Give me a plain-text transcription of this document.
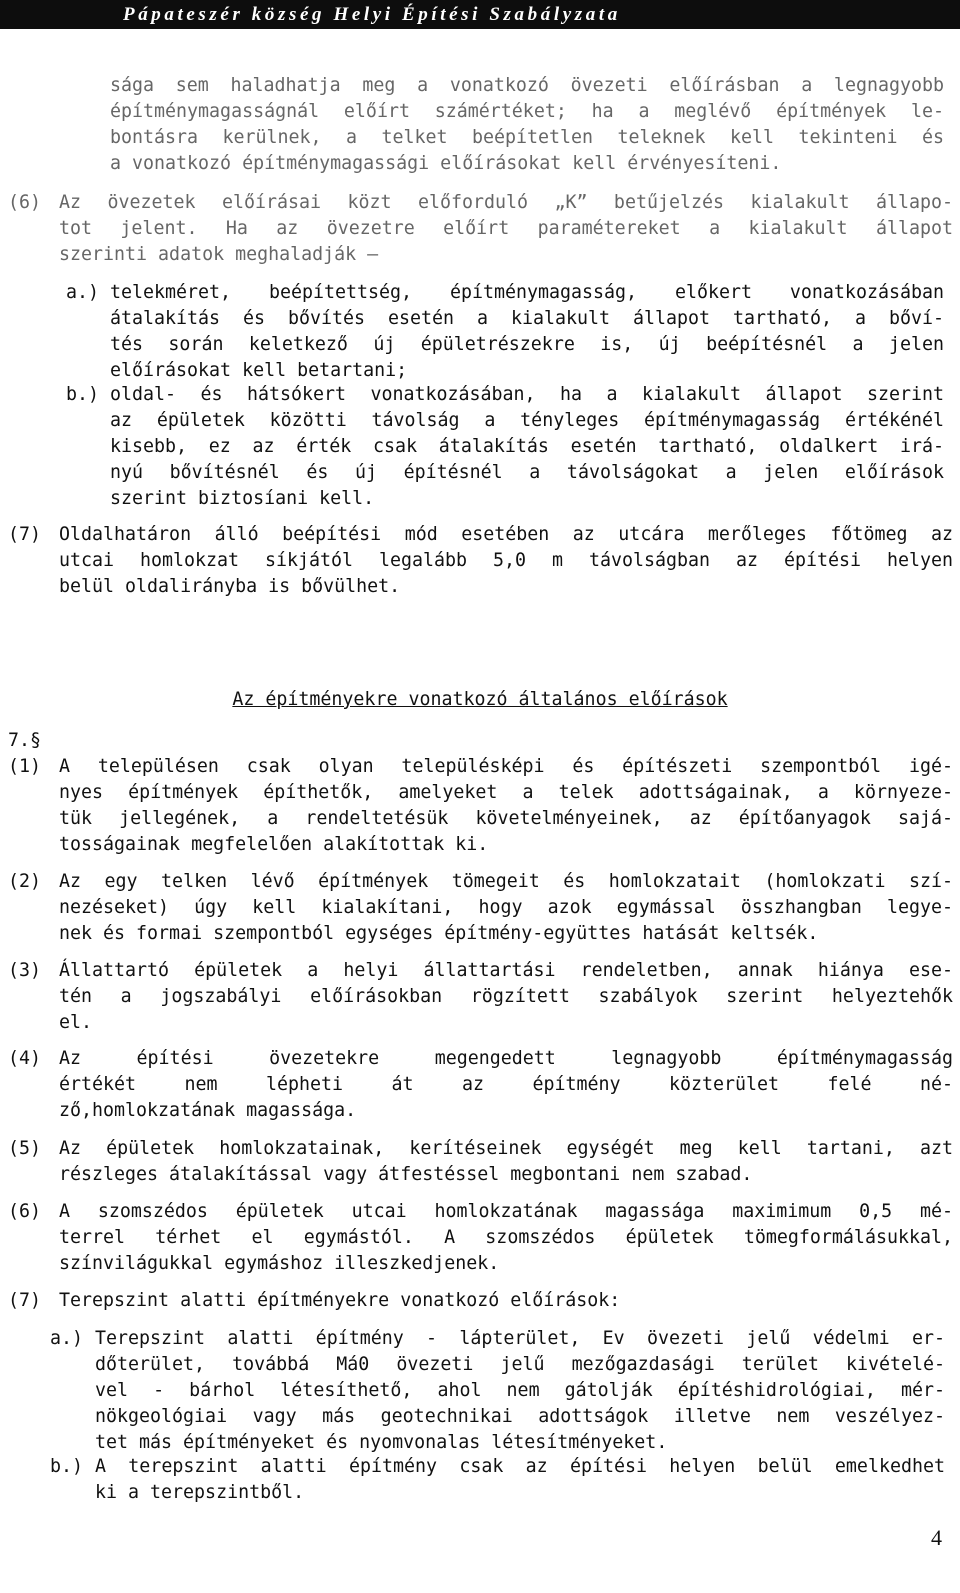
Pápateszér község Helyi Építési Szabályzata
sága sem haladhatja meg a vonatkozó övezeti előírásban a legnagyobb
építménymagasságnál előírt számértéket; ha a meglévő építmények le-
bontásra kerülnek, a telket beépítetlen teleknek kell tekinteni és
a vonatkozó építménymagassági előírásokat kell érvényesíteni.
(6) Az övezetek előírásai közt előforduló „K” betűjelzés kialakult állapo-
tot jelent. Ha az övezetre előírt paramétereket a kialakult állapot
szerinti adatok meghaladják –
a.) telekméret, beépítettség, építménymagasság, előkert vonatkozásában
átalakítás és bővítés esetén a kialakult állapot tartható, a bőví-
tés során keletkező új épületrészekre is, új beépítésnél a jelen
előírásokat kell betartani;
b.) oldal- és hátsókert vonatkozásában, ha a kialakult állapot szerint
az épületek közötti távolság a tényleges építménymagasság értékénél
kisebb, ez az érték csak átalakítás esetén tartható, oldalkert irá-
nyú bővítésnél és új építésnél a távolságokat a jelen előírások
szerint biztosíani kell.
(7) Oldalhatáron álló beépítési mód esetében az utcára merőleges főtömeg az
utcai homlokzat síkjától legalább 5,0 m távolságban az építési helyen
belül oldalirányba is bővülhet.
Az építményekre vonatkozó általános előírások
7.§
(1) A településen csak olyan településképi és építészeti szempontból igé-
nyes építmények építhetők, amelyeket a telek adottságainak, a környeze-
tük jellegének, a rendeltetésük követelményeinek, az építőanyagok sajá-
tosságainak megfelelően alakítottak ki.
(2) Az egy telken lévő építmények tömegeit és homlokzatait (homlokzati szí-
nezéseket) úgy kell kialakítani, hogy azok egymással összhangban legye-
nek és formai szempontból egységes építmény-együttes hatását keltsék.
(3) Állattartó épületek a helyi állattartási rendeletben, annak hiánya ese-
tén a jogszabályi előírásokban rögzített szabályok szerint helyeztehők
el.
(4) Az építési övezetekre megengedett legnagyobb építménymagasság
értékét nem lépheti át az építmény közterület felé né-
ző,homlokzatának magassága.
(5) Az épületek homlokzatainak, kerítéseinek egységét meg kell tartani, azt
részleges átalakítással vagy átfestéssel megbontani nem szabad.
(6) A szomszédos épületek utcai homlokzatának magassága maximimum 0,5 mé-
terrel térhet el egymástól. A szomszédos épületek tömegformálásukkal,
színvilágukkal egymáshoz illeszkedjenek.
(7) Terepszint alatti építményekre vonatkozó előírások:
a.) Terepszint alatti építmény - lápterület, Ev övezeti jelű védelmi er-
dőterület, továbbá Má0 övezeti jelű mezőgazdasági terület kivételé-
vel - bárhol létesíthető, ahol nem gátolják építéshidrológiai, mér-
nökgeológiai vagy más geotechnikai adottságok illetve nem veszélyez-
tet más építményeket és nyomvonalas létesítményeket.
b.) A terepszint alatti építmény csak az építési helyen belül emelkedhet
ki a terepszintből.
4
